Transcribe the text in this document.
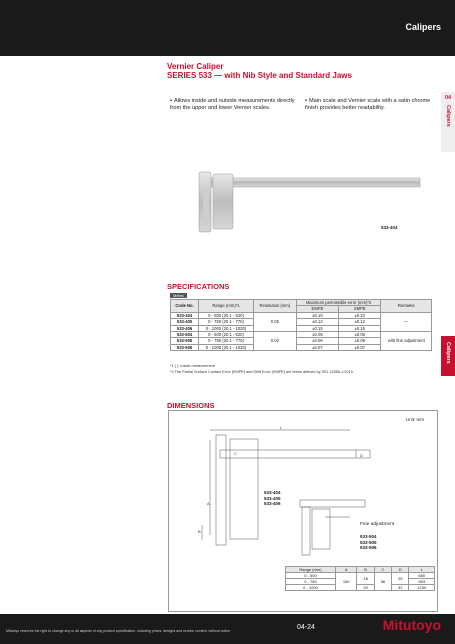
Calipers
Vernier Caliper
SERIES 533 — with Nib Style and Standard Jaws
• Allows inside and outside measurements directly from the upper and lower Vernier scales.
• Main scale and Vernier scale with a satin chrome finish provides better readability.
04
Calipers
Calipers
533-404
SPECIFICATIONS
Metric
Code No.	Range (mm)*1	Resolution (mm)	Maximum permissible error (mm)*2		Remarks
			EMPE	SMPE	
533-404	0 - 500 (20.1 - 520)	0.05	±0.10	±0.10	—
533-405	0 - 750 (20.1 - 770)		±0.12	±0.12	
533-406	0 - 1000 (20.1 - 1020)		±0.15	±0.15	
533-504	0 - 500 (20.1 - 520)	0.02	±0.05	±0.05	with fine adjustment
533-505	0 - 750 (20.1 - 770)		±0.06	±0.06	
533-506	0 - 1000 (20.1 - 1020)		±0.07	±0.07	
*1 ( ): Inside measurement
*2 The Partial Surface Contact Error (EMPE) and Shift Error (SMPE) are terms defined by ISO 13385-1:2019.
DIMENSIONS
Unit: mm
L
A
C	D
B
533-404
533-405
533-406
Fine adjustment
533-504
533-505
533-506
Range (mm)	A	B	C	D	L
0 - 500	150	18	56	25	680
0 - 750					963
0 - 1000		20		32	1230
Mitutoyo reserves the right to change any or all aspects of any product specification, including prices, designs and service content, without notice.	04-24	Mitutoyo
